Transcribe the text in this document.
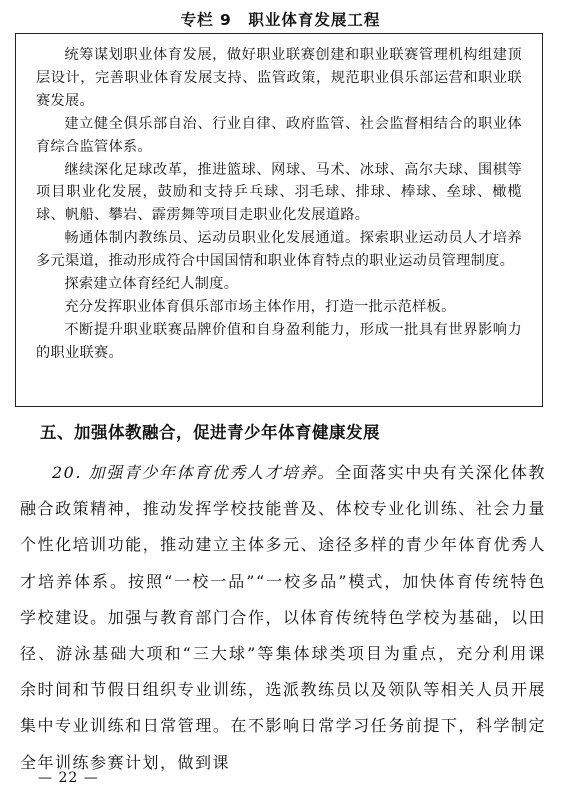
专栏 9　职业体育发展工程

统筹谋划职业体育发展，做好职业联赛创建和职业联赛管理机构组建顶层设计，完善职业体育发展支持、监管政策，规范职业俱乐部运营和职业联赛发展。

建立健全俱乐部自治、行业自律、政府监管、社会监督相结合的职业体育综合监管体系。

继续深化足球改革，推进篮球、网球、马术、冰球、高尔夫球、围棋等项目职业化发展，鼓励和支持乒乓球、羽毛球、排球、棒球、垒球、橄榄球、帆船、攀岩、霹雳舞等项目走职业化发展道路。

畅通体制内教练员、运动员职业化发展通道。探索职业运动员人才培养多元渠道，推动形成符合中国国情和职业体育特点的职业运动员管理制度。

探索建立体育经纪人制度。

充分发挥职业体育俱乐部市场主体作用，打造一批示范样板。

不断提升职业联赛品牌价值和自身盈利能力，形成一批具有世界影响力的职业联赛。

五、加强体教融合，促进青少年体育健康发展

20. 加强青少年体育优秀人才培养。全面落实中央有关深化体教融合政策精神，推动发挥学校技能普及、体校专业化训练、社会力量个性化培训功能，推动建立主体多元、途径多样的青少年体育优秀人才培养体系。按照“一校一品”“一校多品”模式，加快体育传统特色学校建设。加强与教育部门合作，以体育传统特色学校为基础，以田径、游泳基础大项和“三大球”等集体球类项目为重点，充分利用课余时间和节假日组织专业训练，选派教练员以及领队等相关人员开展集中专业训练和日常管理。在不影响日常学习任务前提下，科学制定全年训练参赛计划，做到课

— 22 —
